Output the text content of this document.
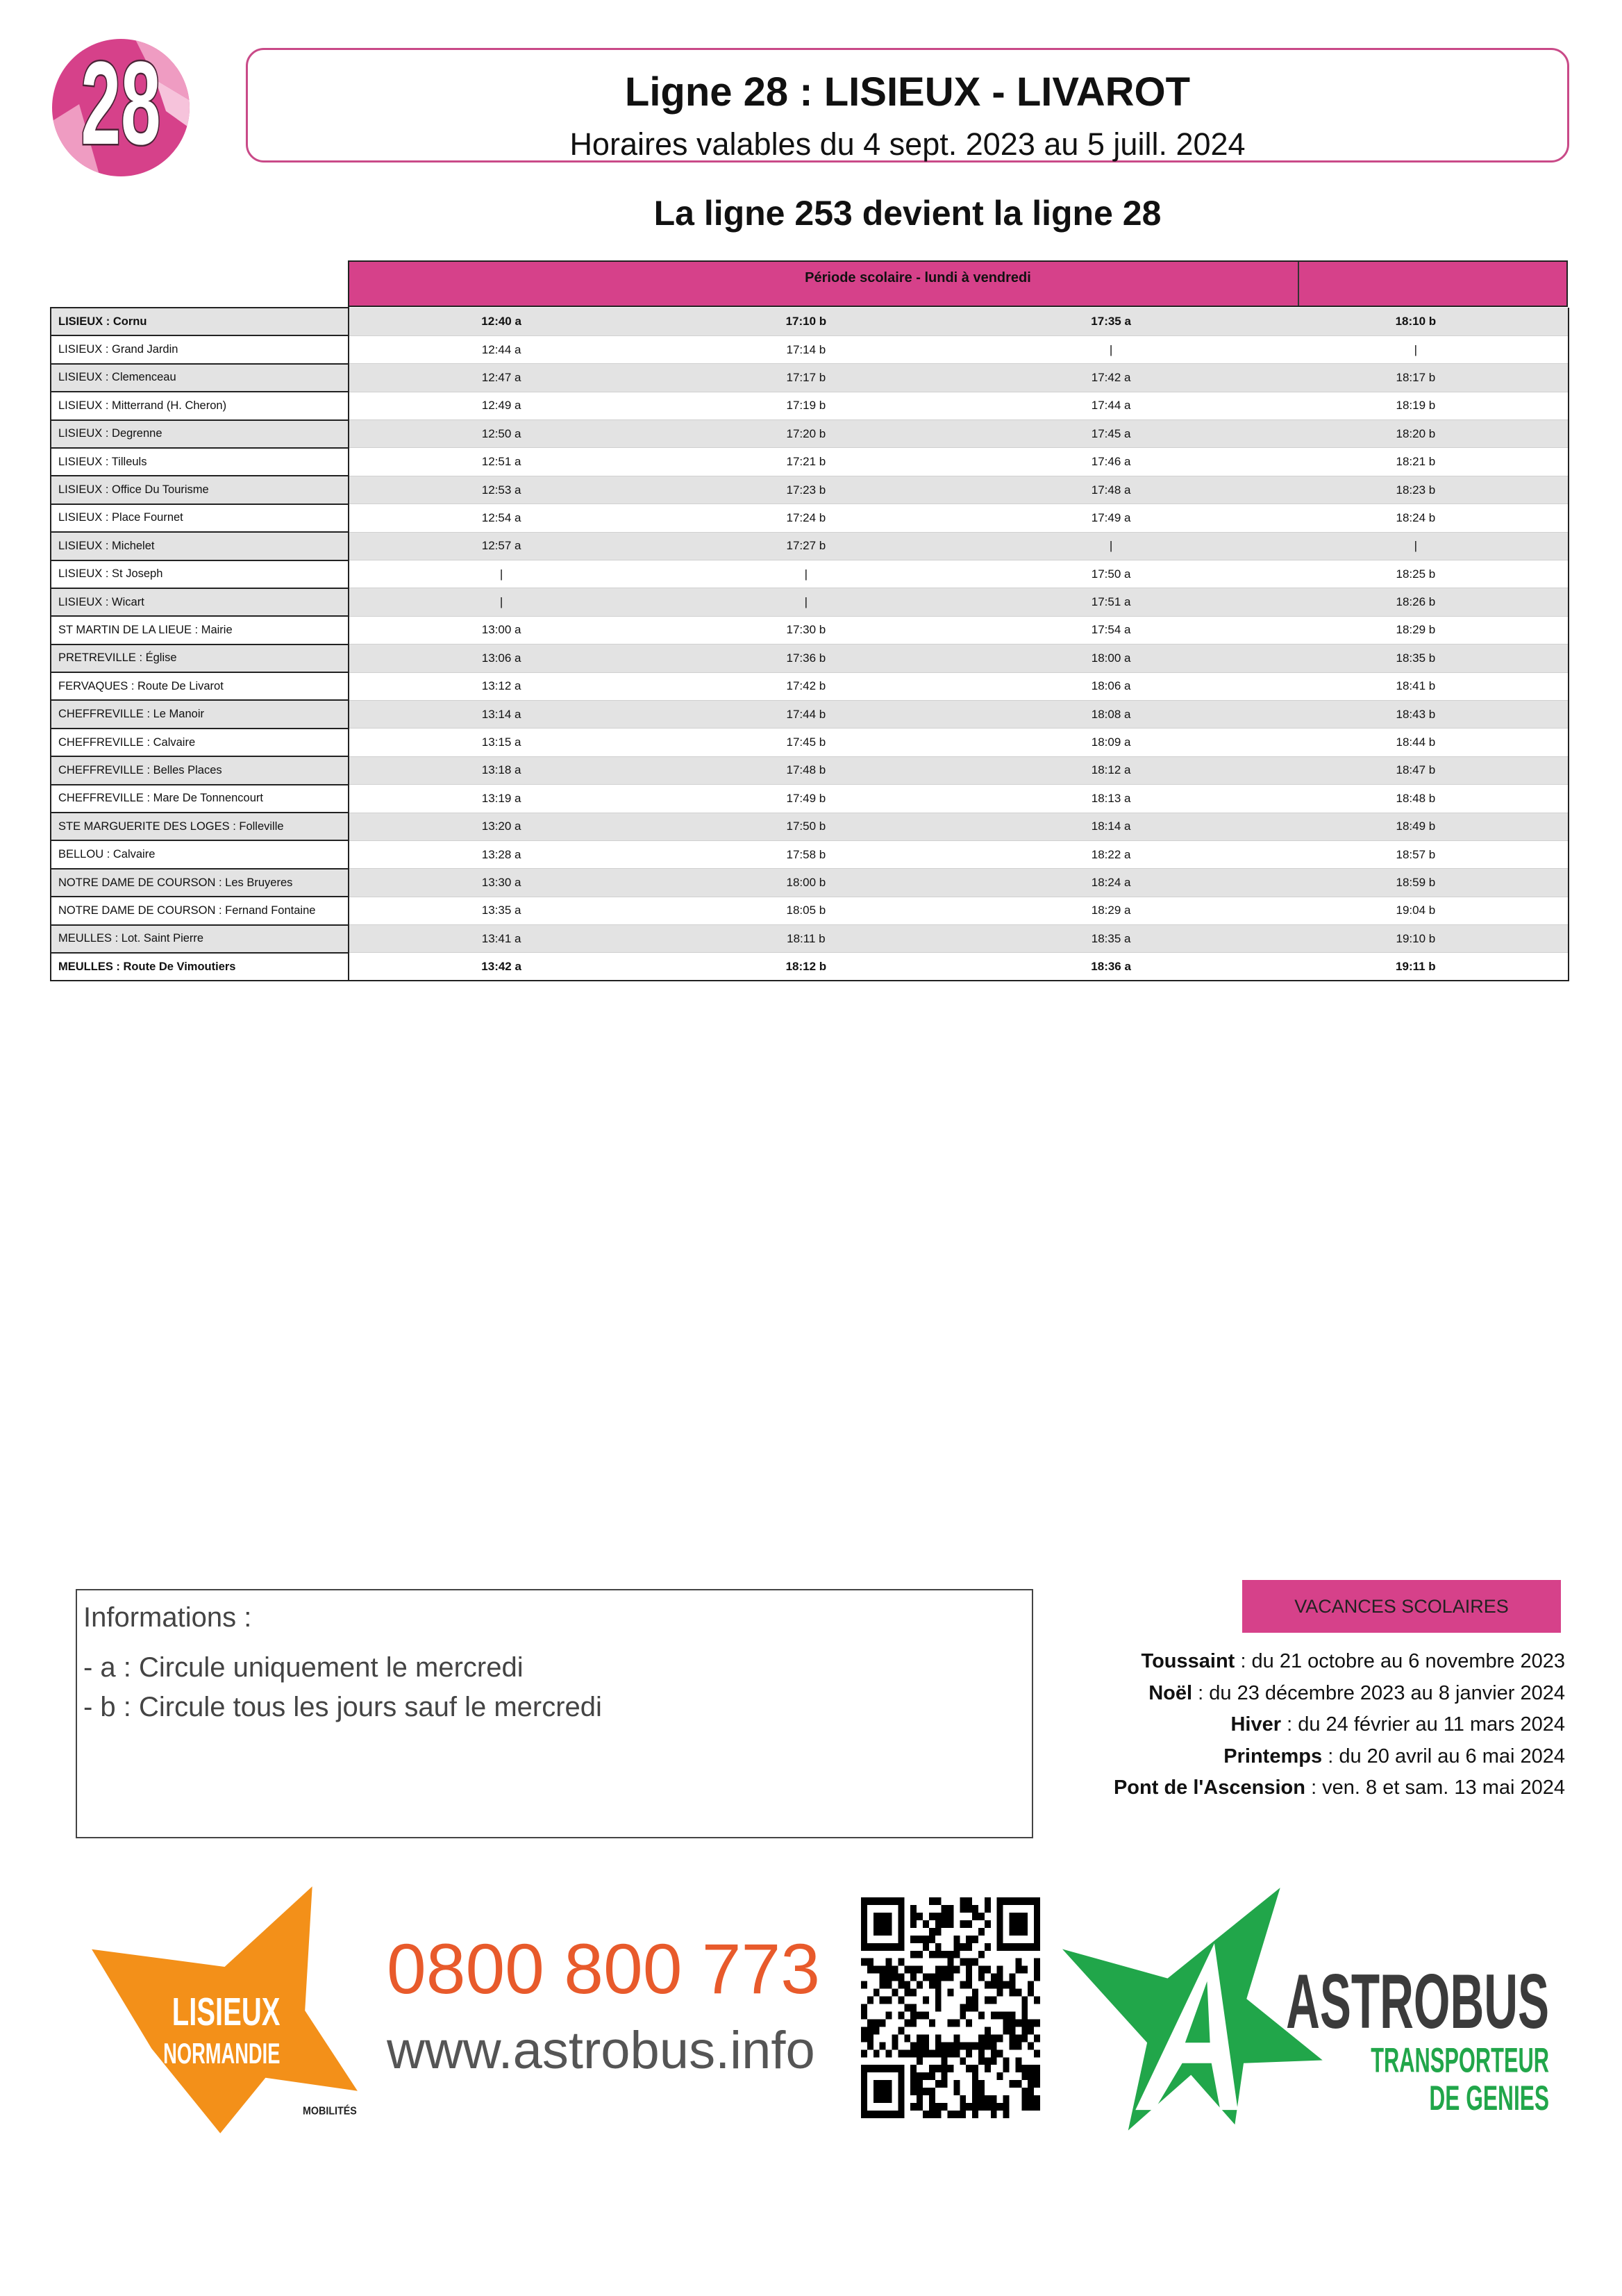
28	Ligne 28 : LISIEUX - LIVAROT
Horaires valables du 4 sept. 2023 au 5 juill. 2024
La ligne 253 devient la ligne 28
Période scolaire - lundi à vendredi
LISIEUX : Cornu	12:40 a	17:10 b	17:35 a	18:10 b
LISIEUX : Grand Jardin	12:44 a	17:14 b	|	|
LISIEUX : Clemenceau	12:47 a	17:17 b	17:42 a	18:17 b
LISIEUX : Mitterrand (H. Cheron)	12:49 a	17:19 b	17:44 a	18:19 b
LISIEUX : Degrenne	12:50 a	17:20 b	17:45 a	18:20 b
LISIEUX : Tilleuls	12:51 a	17:21 b	17:46 a	18:21 b
LISIEUX : Office Du Tourisme	12:53 a	17:23 b	17:48 a	18:23 b
LISIEUX : Place Fournet	12:54 a	17:24 b	17:49 a	18:24 b
LISIEUX : Michelet	12:57 a	17:27 b	|	|
LISIEUX : St Joseph	|	|	17:50 a	18:25 b
LISIEUX : Wicart	|	|	17:51 a	18:26 b
ST MARTIN DE LA LIEUE : Mairie	13:00 a	17:30 b	17:54 a	18:29 b
PRETREVILLE : Église	13:06 a	17:36 b	18:00 a	18:35 b
FERVAQUES : Route De Livarot	13:12 a	17:42 b	18:06 a	18:41 b
CHEFFREVILLE : Le Manoir	13:14 a	17:44 b	18:08 a	18:43 b
CHEFFREVILLE : Calvaire	13:15 a	17:45 b	18:09 a	18:44 b
CHEFFREVILLE : Belles Places	13:18 a	17:48 b	18:12 a	18:47 b
CHEFFREVILLE : Mare De Tonnencourt	13:19 a	17:49 b	18:13 a	18:48 b
STE MARGUERITE DES LOGES : Folleville	13:20 a	17:50 b	18:14 a	18:49 b
BELLOU : Calvaire	13:28 a	17:58 b	18:22 a	18:57 b
NOTRE DAME DE COURSON : Les Bruyeres	13:30 a	18:00 b	18:24 a	18:59 b
NOTRE DAME DE COURSON : Fernand Fontaine	13:35 a	18:05 b	18:29 a	19:04 b
MEULLES : Lot. Saint Pierre	13:41 a	18:11 b	18:35 a	19:10 b
MEULLES : Route De Vimoutiers	13:42 a	18:12 b	18:36 a	19:11 b
Informations :
- a : Circule uniquement le mercredi
- b : Circule tous les jours sauf le mercredi
VACANCES SCOLAIRES
Toussaint : du 21 octobre au 6 novembre 2023
Noël : du 23 décembre 2023 au 8 janvier 2024
Hiver : du 24 février au 11 mars 2024
Printemps : du 20 avril au 6 mai 2024
Pont de l'Ascension : ven. 8 et sam. 13 mai 2024
LISIEUX
NORMANDIE
MOBILITÉS
0800 800 773
www.astrobus.info
ASTROBUS
TRANSPORTEUR
DE GENIES
